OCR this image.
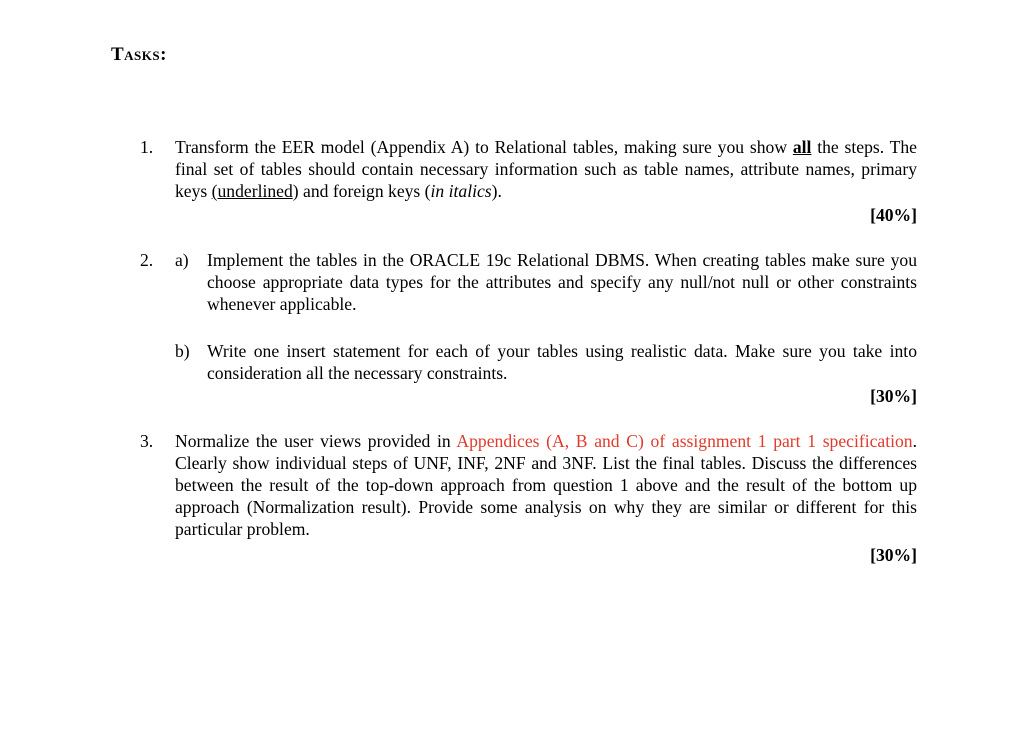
Tasks:
1. Transform the EER model (Appendix A) to Relational tables, making sure you show all the steps. The final set of tables should contain necessary information such as table names, attribute names, primary keys (underlined) and foreign keys (in italics).

[40%]
2. a) Implement the tables in the ORACLE 19c Relational DBMS. When creating tables make sure you choose appropriate data types for the attributes and specify any null/not null or other constraints whenever applicable.

b) Write one insert statement for each of your tables using realistic data. Make sure you take into consideration all the necessary constraints.

[30%]
3. Normalize the user views provided in Appendices (A, B and C) of assignment 1 part 1 specification. Clearly show individual steps of UNF, INF, 2NF and 3NF. List the final tables. Discuss the differences between the result of the top-down approach from question 1 above and the result of the bottom up approach (Normalization result). Provide some analysis on why they are similar or different for this particular problem.

[30%]
